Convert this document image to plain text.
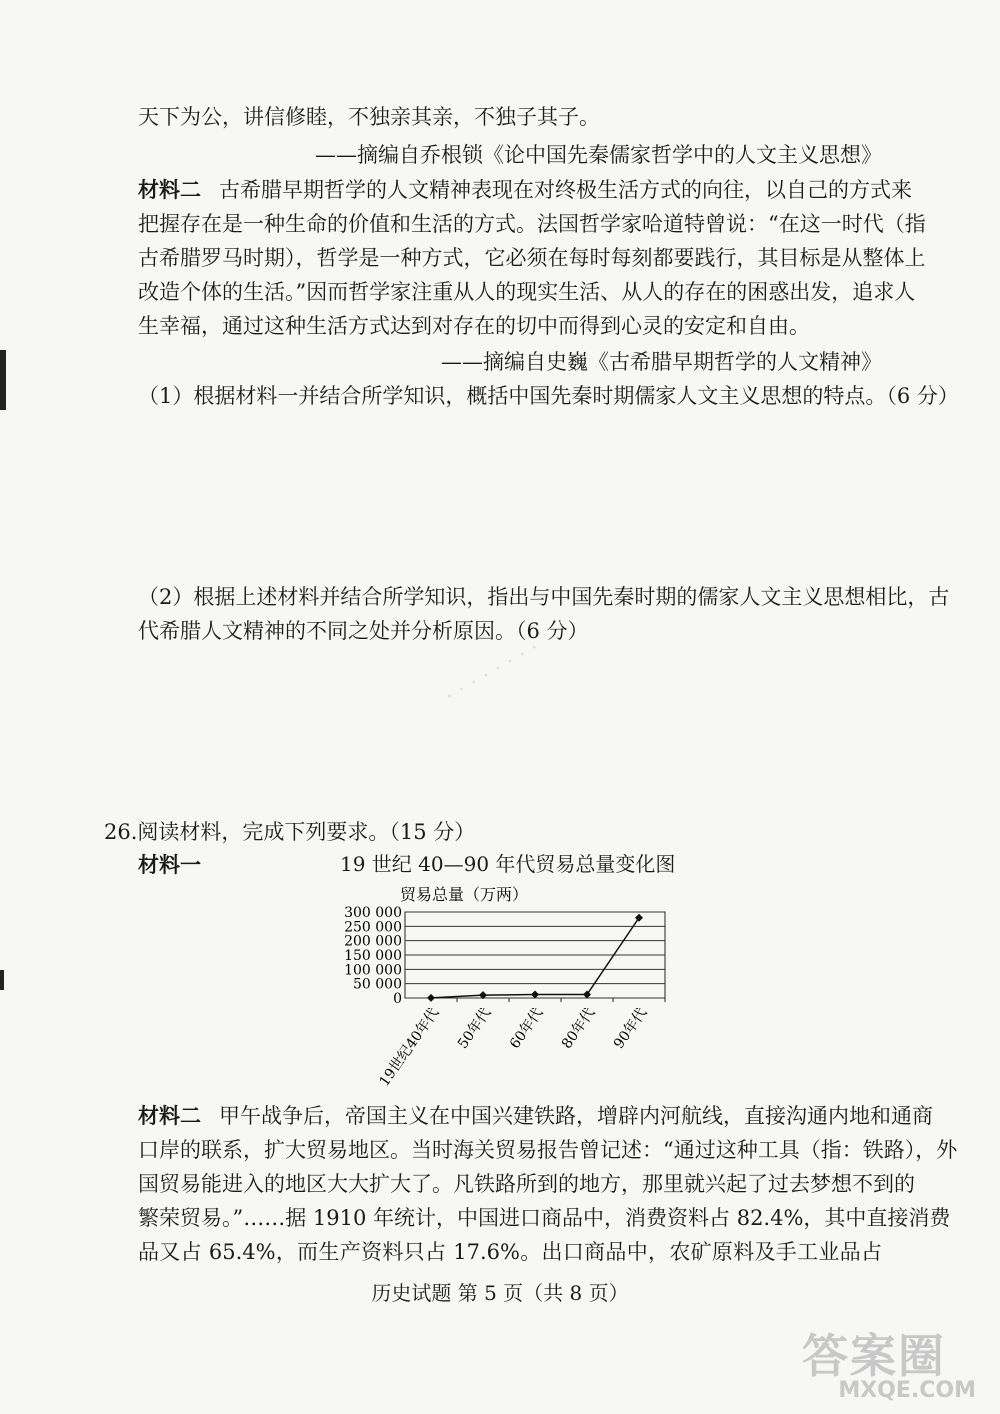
天下为公，讲信修睦，不独亲其亲，不独子其子。
——摘编自乔根锁《论中国先秦儒家哲学中的人文主义思想》
材料二 古希腊早期哲学的人文精神表现在对终极生活方式的向往，以自己的方式来
把握存在是一种生命的价值和生活的方式。法国哲学家哈道特曾说：“在这一时代（指
古希腊罗马时期），哲学是一种方式，它必须在每时每刻都要践行，其目标是从整体上
改造个体的生活。”因而哲学家注重从人的现实生活、从人的存在的困惑出发，追求人
生幸福，通过这种生活方式达到对存在的切中而得到心灵的安定和自由。
——摘编自史巍《古希腊早期哲学的人文精神》
（1）根据材料一并结合所学知识，概括中国先秦时期儒家人文主义思想的特点。（6 分）
（2）根据上述材料并结合所学知识，指出与中国先秦时期的儒家人文主义思想相比，古
代希腊人文精神的不同之处并分析原因。（6 分）
· · · · · · · ·
26.阅读材料，完成下列要求。（15 分）
材料一	19 世纪 40—90 年代贸易总量变化图
贸易总量（万两）
0
50 000
100 000
150 000
200 000
250 000
300 000
19世纪40年代 50年代 60年代 80年代 90年代
材料二 甲午战争后，帝国主义在中国兴建铁路，增辟内河航线，直接沟通内地和通商
口岸的联系，扩大贸易地区。当时海关贸易报告曾记述：“通过这种工具（指：铁路），外
国贸易能进入的地区大大扩大了。凡铁路所到的地方，那里就兴起了过去梦想不到的
繁荣贸易。”……据 1910 年统计，中国进口商品中，消费资料占 82.4%，其中直接消费
品又占 65.4%，而生产资料只占 17.6%。出口商品中，农矿原料及手工业品占
历史试题 第 5 页（共 8 页）
答案圈
MXQE.COM
